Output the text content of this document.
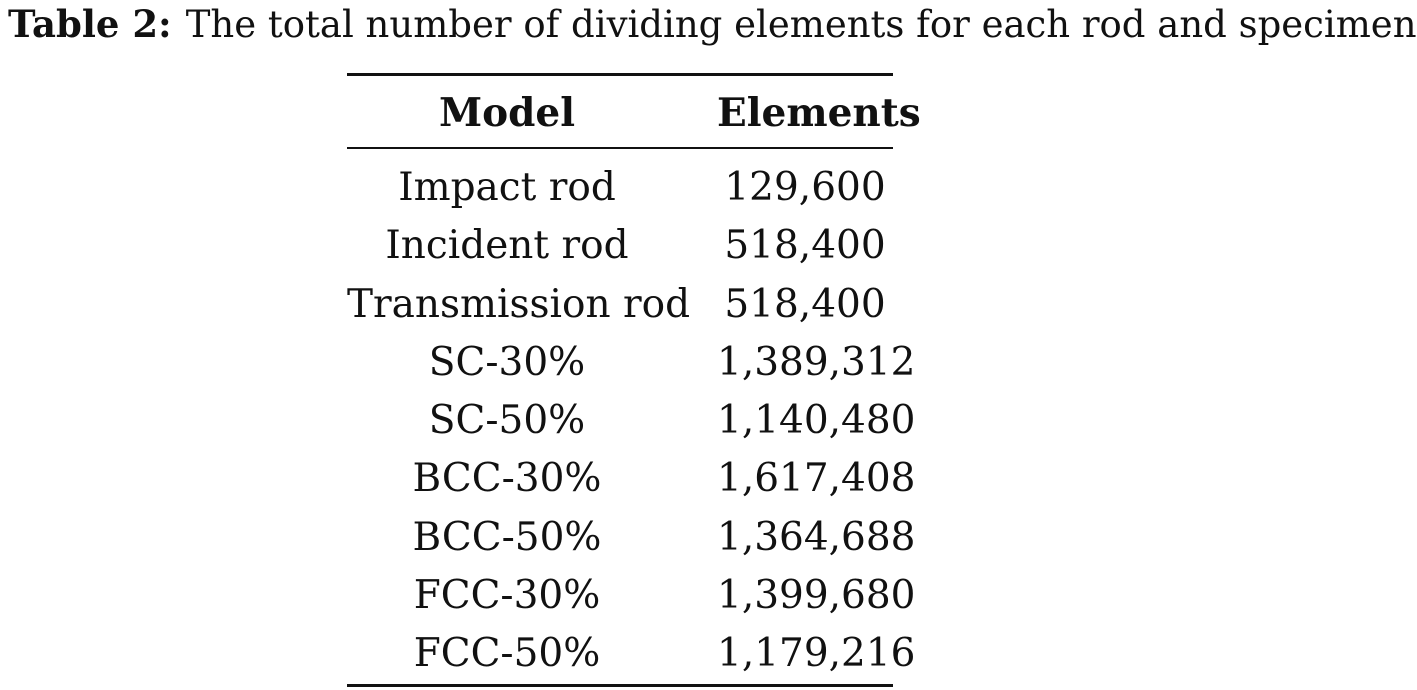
Table 2: The total number of dividing elements for each rod and specimen
Model	Elements
Impact rod	129,600
Incident rod	518,400
Transmission rod 518,400
SC-30%	1,389,312
SC-50%	1,140,480
BCC-30%	1,617,408
BCC-50%	1,364,688
FCC-30%	1,399,680
FCC-50%	1,179,216
